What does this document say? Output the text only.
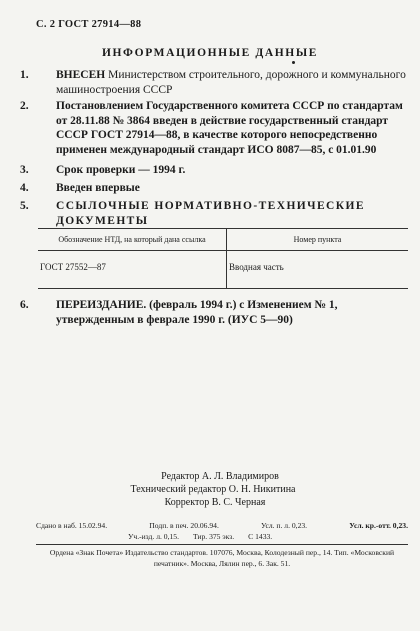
С. 2 ГОСТ 27914—88
ИНФОРМАЦИОННЫЕ ДАННЫЕ
1. ВНЕСЕН Министерством строительного, дорожного и коммунального машиностроения СССР
2. Постановлением Государственного комитета СССР по стандартам от 28.11.88 № 3864 введен в действие государственный стандарт СССР ГОСТ 27914—88, в качестве которого непосредственно применен международный стандарт ИСО 8087—85, с 01.01.90
3. Срок проверки — 1994 г.
4. Введен впервые
5. ССЫЛОЧНЫЕ НОРМАТИВНО-ТЕХНИЧЕСКИЕ ДОКУМЕНТЫ
Обозначение НТД, на который дана ссылка	Номер пункта
ГОСТ 27552—87	Вводная часть
6. ПЕРЕИЗДАНИЕ. (февраль 1994 г.) с Изменением № 1, утвержденным в феврале 1990 г. (ИУС 5—90)
Редактор А. Л. Владимиров
Технический редактор О. Н. Никитина
Корректор В. С. Черная
Сдано в наб. 15.02.94.	Подп. в печ. 20.06.94.	Усл. п. л. 0,23.	Усл. кр.-отт. 0,23.
Уч.-изд. л. 0,15. Тир. 375 экз. С 1433.
Ордена «Знак Почета» Издательство стандартов. 107076, Москва, Колодезный пер., 14. Тип. «Московский печатник». Москва, Лялин пер., 6. Зак. 51.
